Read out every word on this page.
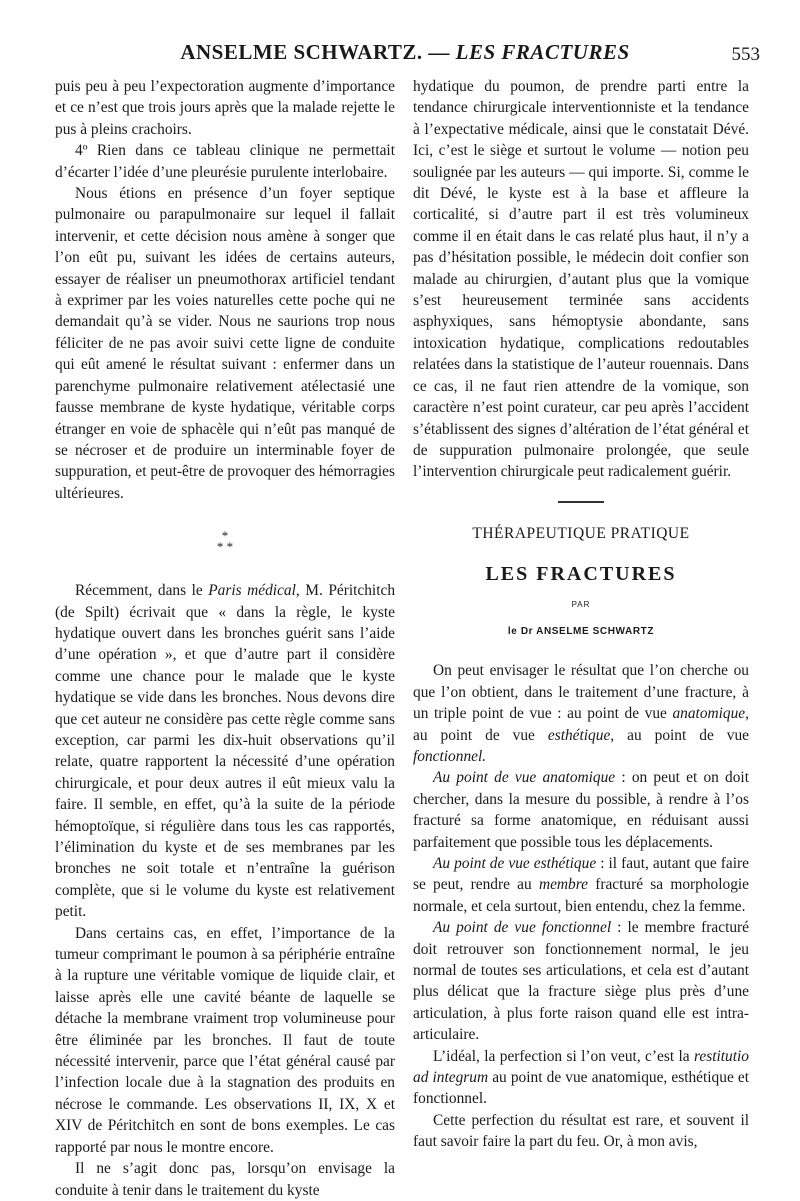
ANSELME SCHWARTZ. — LES FRACTURES	553

puis peu à peu l’expectoration augmente d’importance et ce n’est que trois jours après que la malade rejette le pus à pleins crachoirs.

4º Rien dans ce tableau clinique ne permettait d’écarter l’idée d’une pleurésie purulente interlobaire.

Nous étions en présence d’un foyer septique pulmonaire ou parapulmonaire sur lequel il fallait intervenir, et cette décision nous amène à songer que l’on eût pu, suivant les idées de certains auteurs, essayer de réaliser un pneumothorax artificiel tendant à exprimer par les voies naturelles cette poche qui ne demandait qu’à se vider. Nous ne saurions trop nous féliciter de ne pas avoir suivi cette ligne de conduite qui eût amené le résultat suivant : enfermer dans un parenchyme pulmonaire relativement atélectasié une fausse membrane de kyste hydatique, véritable corps étranger en voie de sphacèle qui n’eût pas manqué de se nécroser et de produire un interminable foyer de suppuration, et peut-être de provoquer des hémorragies ultérieures.

*
* *

Récemment, dans le Paris médical, M. Péritchitch (de Spilt) écrivait que « dans la règle, le kyste hydatique ouvert dans les bronches guérit sans l’aide d’une opération », et que d’autre part il considère comme une chance pour le malade que le kyste hydatique se vide dans les bronches. Nous devons dire que cet auteur ne considère pas cette règle comme sans exception, car parmi les dix-huit observations qu’il relate, quatre rapportent la nécessité d’une opération chirurgicale, et pour deux autres il eût mieux valu la faire. Il semble, en effet, qu’à la suite de la période hémoptoïque, si régulière dans tous les cas rapportés, l’élimination du kyste et de ses membranes par les bronches ne soit totale et n’entraîne la guérison complète, que si le volume du kyste est relativement petit.

Dans certains cas, en effet, l’importance de la tumeur comprimant le poumon à sa périphérie entraîne à la rupture une véritable vomique de liquide clair, et laisse après elle une cavité béante de laquelle se détache la membrane vraiment trop volumineuse pour être éliminée par les bronches. Il faut de toute nécessité intervenir, parce que l’état général causé par l’infection locale due à la stagnation des produits en nécrose le commande. Les observations II, IX, X et XIV de Péritchitch en sont de bons exemples. Le cas rapporté par nous le montre encore.

Il ne s’agit donc pas, lorsqu’on envisage la conduite à tenir dans le traitement du kyste

hydatique du poumon, de prendre parti entre la tendance chirurgicale interventionniste et la tendance à l’expectative médicale, ainsi que le constatait Dévé. Ici, c’est le siège et surtout le volume — notion peu soulignée par les auteurs — qui importe. Si, comme le dit Dévé, le kyste est à la base et affleure la corticalité, si d’autre part il est très volumineux comme il en était dans le cas relaté plus haut, il n’y a pas d’hésitation possible, le médecin doit confier son malade au chirurgien, d’autant plus que la vomique s’est heureusement terminée sans accidents asphyxiques, sans hémoptysie abondante, sans intoxication hydatique, complications redoutables relatées dans la statistique de l’auteur rouennais. Dans ce cas, il ne faut rien attendre de la vomique, son caractère n’est point curateur, car peu après l’accident s’établissent des signes d’altération de l’état général et de suppuration pulmonaire prolongée, que seule l’intervention chirurgicale peut radicalement guérir.

THÉRAPEUTIQUE PRATIQUE
LES FRACTURES
PAR
le Dr ANSELME SCHWARTZ

On peut envisager le résultat que l’on cherche ou que l’on obtient, dans le traitement d’une fracture, à un triple point de vue : au point de vue anatomique, au point de vue esthétique, au point de vue fonctionnel.

Au point de vue anatomique : on peut et on doit chercher, dans la mesure du possible, à rendre à l’os fracturé sa forme anatomique, en réduisant aussi parfaitement que possible tous les déplacements.

Au point de vue esthétique : il faut, autant que faire se peut, rendre au membre fracturé sa morphologie normale, et cela surtout, bien entendu, chez la femme.

Au point de vue fonctionnel : le membre fracturé doit retrouver son fonctionnement normal, le jeu normal de toutes ses articulations, et cela est d’autant plus délicat que la fracture siège plus près d’une articulation, à plus forte raison quand elle est intra-articulaire.

L’idéal, la perfection si l’on veut, c’est la restitutio ad integrum au point de vue anatomique, esthétique et fonctionnel.

Cette perfection du résultat est rare, et souvent il faut savoir faire la part du feu. Or, à mon avis,
